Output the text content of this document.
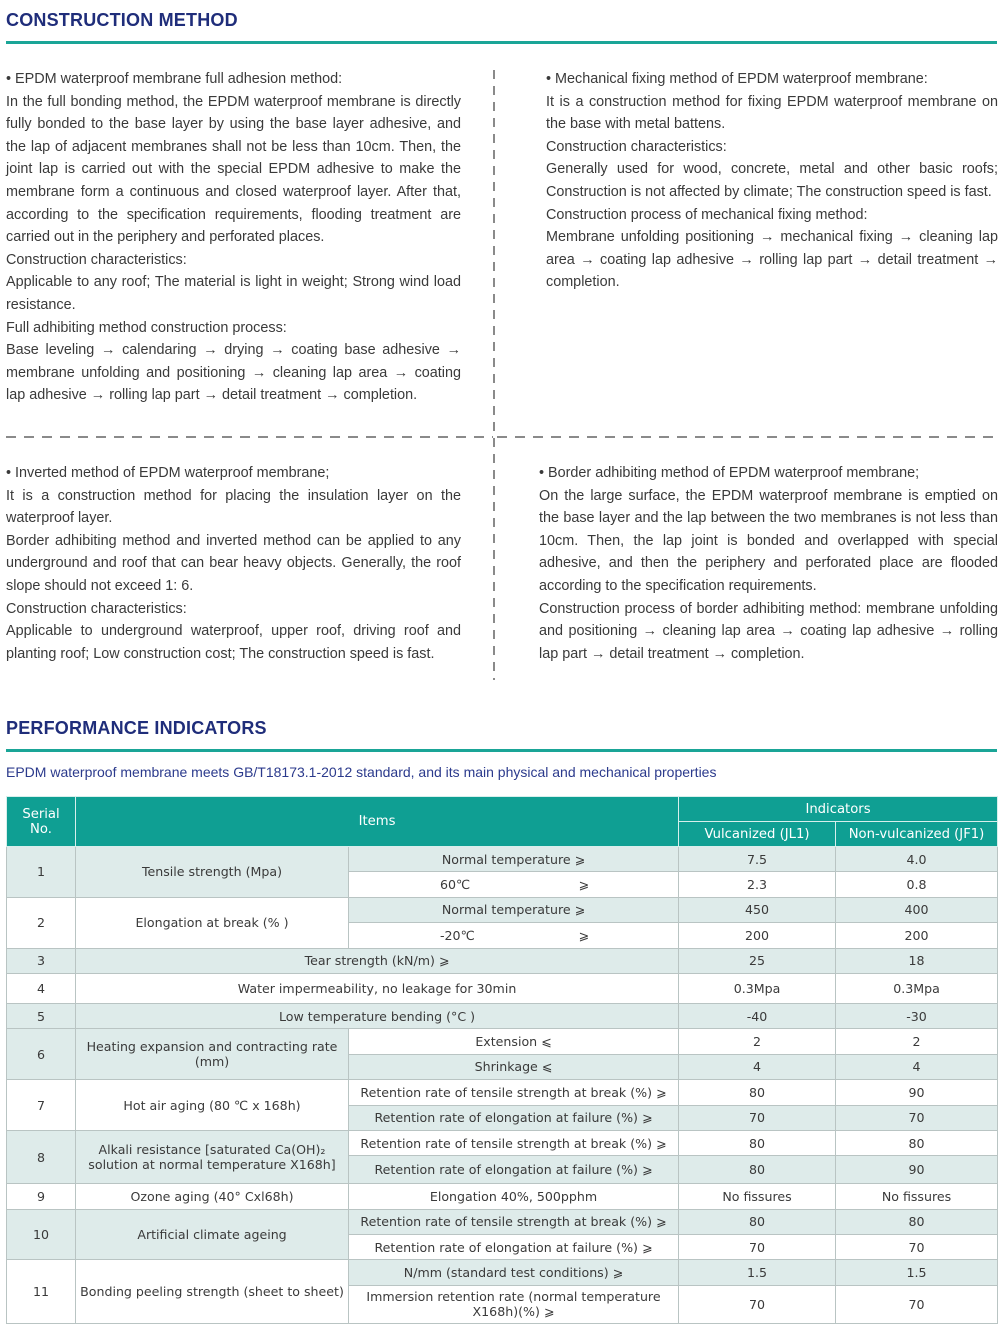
CONSTRUCTION METHOD

• EPDM waterproof membrane full adhesion method:

In the full bonding method, the EPDM waterproof membrane is directly fully bonded to the base layer by using the base layer adhesive, and the lap of adjacent membranes shall not be less than 10cm. Then, the joint lap is carried out with the special EPDM adhesive to make the membrane form a continuous and closed waterproof layer. After that, according to the specification requirements, flooding treatment are carried out in the periphery and perforated places.

Construction characteristics:

Applicable to any roof; The material is light in weight; Strong wind load resistance.

Full adhibiting method construction process:

Base leveling → calendaring → drying → coating base adhesive → membrane unfolding and positioning → cleaning lap area → coating lap adhesive → rolling lap part → detail treatment → completion.

• Mechanical fixing method of EPDM waterproof membrane:

It is a construction method for fixing EPDM waterproof membrane on the base with metal battens.

Construction characteristics:

Generally used for wood, concrete, metal and other basic roofs; Construction is not affected by climate; The construction speed is fast.

Construction process of mechanical fixing method:

Membrane unfolding positioning → mechanical fixing → cleaning lap area → coating lap adhesive → rolling lap part → detail treatment → completion.

• Inverted method of EPDM waterproof membrane;

It is a construction method for placing the insulation layer on the waterproof layer.

Border adhibiting method and inverted method can be applied to any underground and roof that can bear heavy objects. Generally, the roof slope should not exceed 1: 6.

Construction characteristics:

Applicable to underground waterproof, upper roof, driving roof and planting roof; Low construction cost; The construction speed is fast.

• Border adhibiting method of EPDM waterproof membrane;

On the large surface, the EPDM waterproof membrane is emptied on the base layer and the lap between the two membranes is not less than 10cm. Then, the lap joint is bonded and overlapped with special adhesive, and then the periphery and perforated place are flooded according to the specification requirements.

Construction process of border adhibiting method: membrane unfolding and positioning → cleaning lap area → coating lap adhesive → rolling lap part → detail treatment → completion.

PERFORMANCE INDICATORS
EPDM waterproof membrane meets GB/T18173.1-2012 standard, and its main physical and mechanical properties
Serial No.	Items		Indicators	
			Vulcanized (JL1)	Non-vulcanized (JF1)
1	Tensile strength (Mpa)	Normal temperature ⩾	7.5	4.0

		60℃ ⩾	2.3	0.8
2	Elongation at break (% )	Normal temperature ⩾	450	400

		-20℃ ⩾	200	200
3	Tear strength (kN/m) ⩾		25	18
4	Water impermeability, no leakage for 30min		0.3Mpa	0.3Mpa
5	Low temperature bending (°C )		-40	-30
6	Heating expansion and contracting rate (mm)	Extension ⩽	2	2
		Shrinkage ⩽	4	4
7	Hot air aging (80 ℃ x 168h)	Retention rate of tensile strength at break (%) ⩾	80	90
		Retention rate of elongation at failure (%) ⩾	70	70
8	Alkali resistance [saturated Ca(OH)₂ solution at normal temperature X168h]	Retention rate of tensile strength at break (%) ⩾	80	80
		Retention rate of elongation at failure (%) ⩾	80	90
9	Ozone aging (40° Cxl68h)	Elongation 40%, 500pphm	No fissures	No fissures
10	Artificial climate ageing	Retention rate of tensile strength at break (%) ⩾	80	80
		Retention rate of elongation at failure (%) ⩾	70	70
11	Bonding peeling strength (sheet to sheet)	N/mm (standard test conditions) ⩾	1.5	1.5
		Immersion retention rate (normal temperature X168h)(%) ⩾	70	70
